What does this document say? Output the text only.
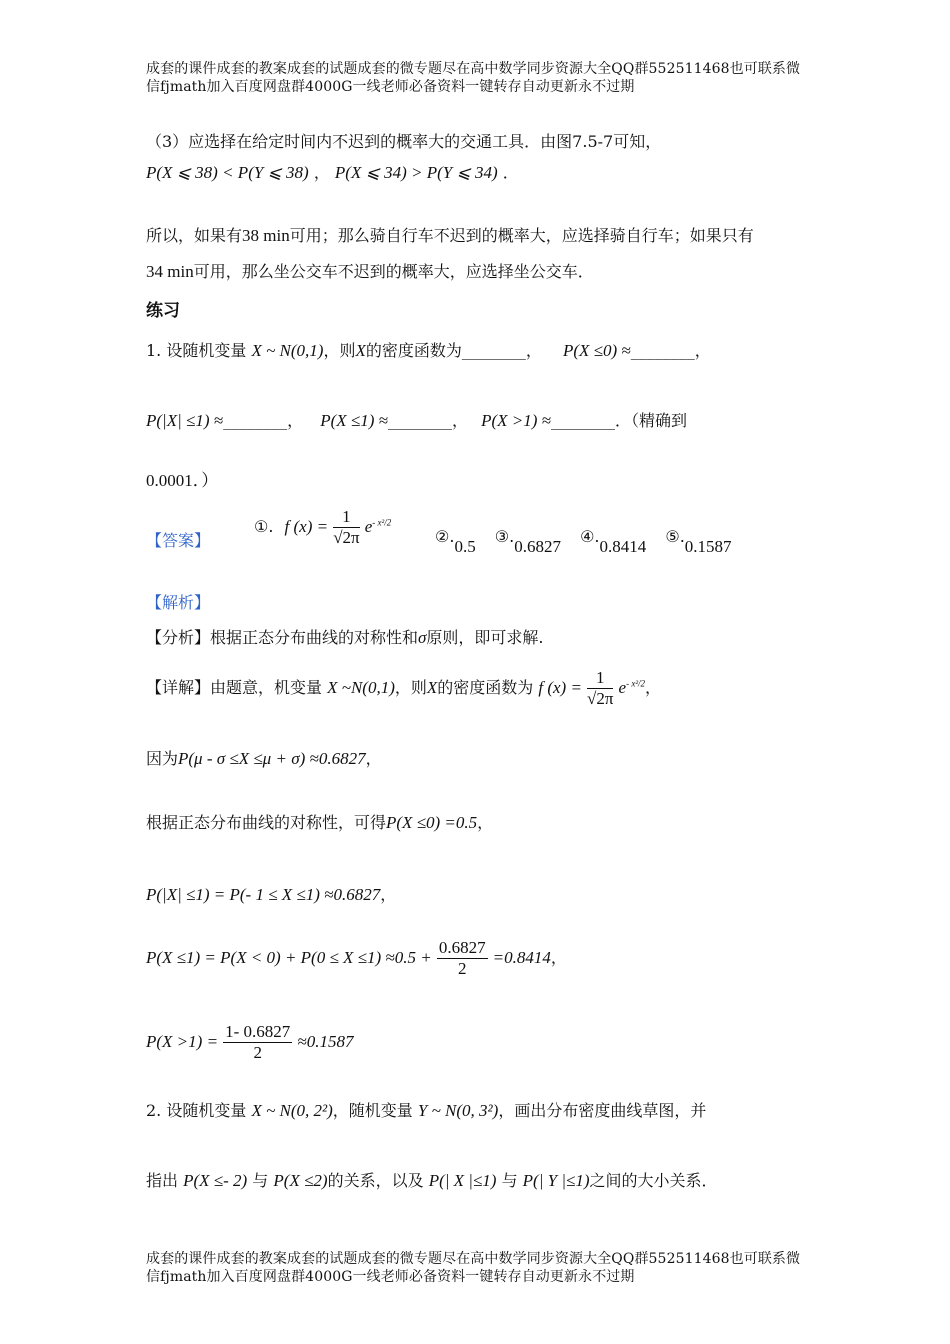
成套的课件成套的教案成套的试题成套的微专题尽在高中数学同步资源大全QQ群552511468也可联系微
信fjmath加入百度网盘群4000G一线老师必备资料一键转存自动更新永不过期
（3）应选择在给定时间内不迟到的概率大的交通工具．由图7.5-7可知，
P(X ⩽ 38) < P(Y ⩽ 38) ， P(X ⩽ 34) > P(Y ⩽ 34) ．
所以，如果有38 min可用；那么骑自行车不迟到的概率大，应选择骑自行车；如果只有
34 min可用，那么坐公交车不迟到的概率大，应选择坐公交车．
练习
1. 设随机变量 X ~ N(0,1)，则X的密度函数为________， P(X ≤0) ≈________，
P(|X| ≤1) ≈________， P(X ≤1) ≈________， P(X >1) ≈________．（精确到
0.0001．）
【答案】
①. f $(x) = \frac{1}{√2\pi} e^{- x^2/2}$
②.0.5 ③.0.6827 ④.0.8414 ⑤.0.1587
【解析】
【分析】根据正态分布曲线的对称性和σ原则，即可求解.
【详解】由题意，机变量 X ~N(0,1)，则X的密度函数为 f $(x) = \frac{1}{√2\pi} e^{- x^2/2}$，
因为P(μ - σ ≤X ≤μ + σ) ≈0.6827，
根据正态分布曲线的对称性，可得P(X ≤0) =0.5，
P(|X| ≤1) = P(- 1 ≤ X ≤1) ≈0.6827，
$P(X \le 1) = P(X < 0) + P(0 \le X \le 1) \approx 0.5 + \frac{0.6827}{2} =0.8414$，
$P(X >1) = \frac{1- 0.6827}{2} \approx 0.1587$
2. 设随机变量 X ~ N(0, 2²)，随机变量 Y ~ N(0, 3²)，画出分布密度曲线草图，并
指出 P(X ≤- 2) 与 P(X ≤2)的关系，以及 P(| X |≤1) 与 P(| Y |≤1)之间的大小关系．
成套的课件成套的教案成套的试题成套的微专题尽在高中数学同步资源大全QQ群552511468也可联系微
信fjmath加入百度网盘群4000G一线老师必备资料一键转存自动更新永不过期
